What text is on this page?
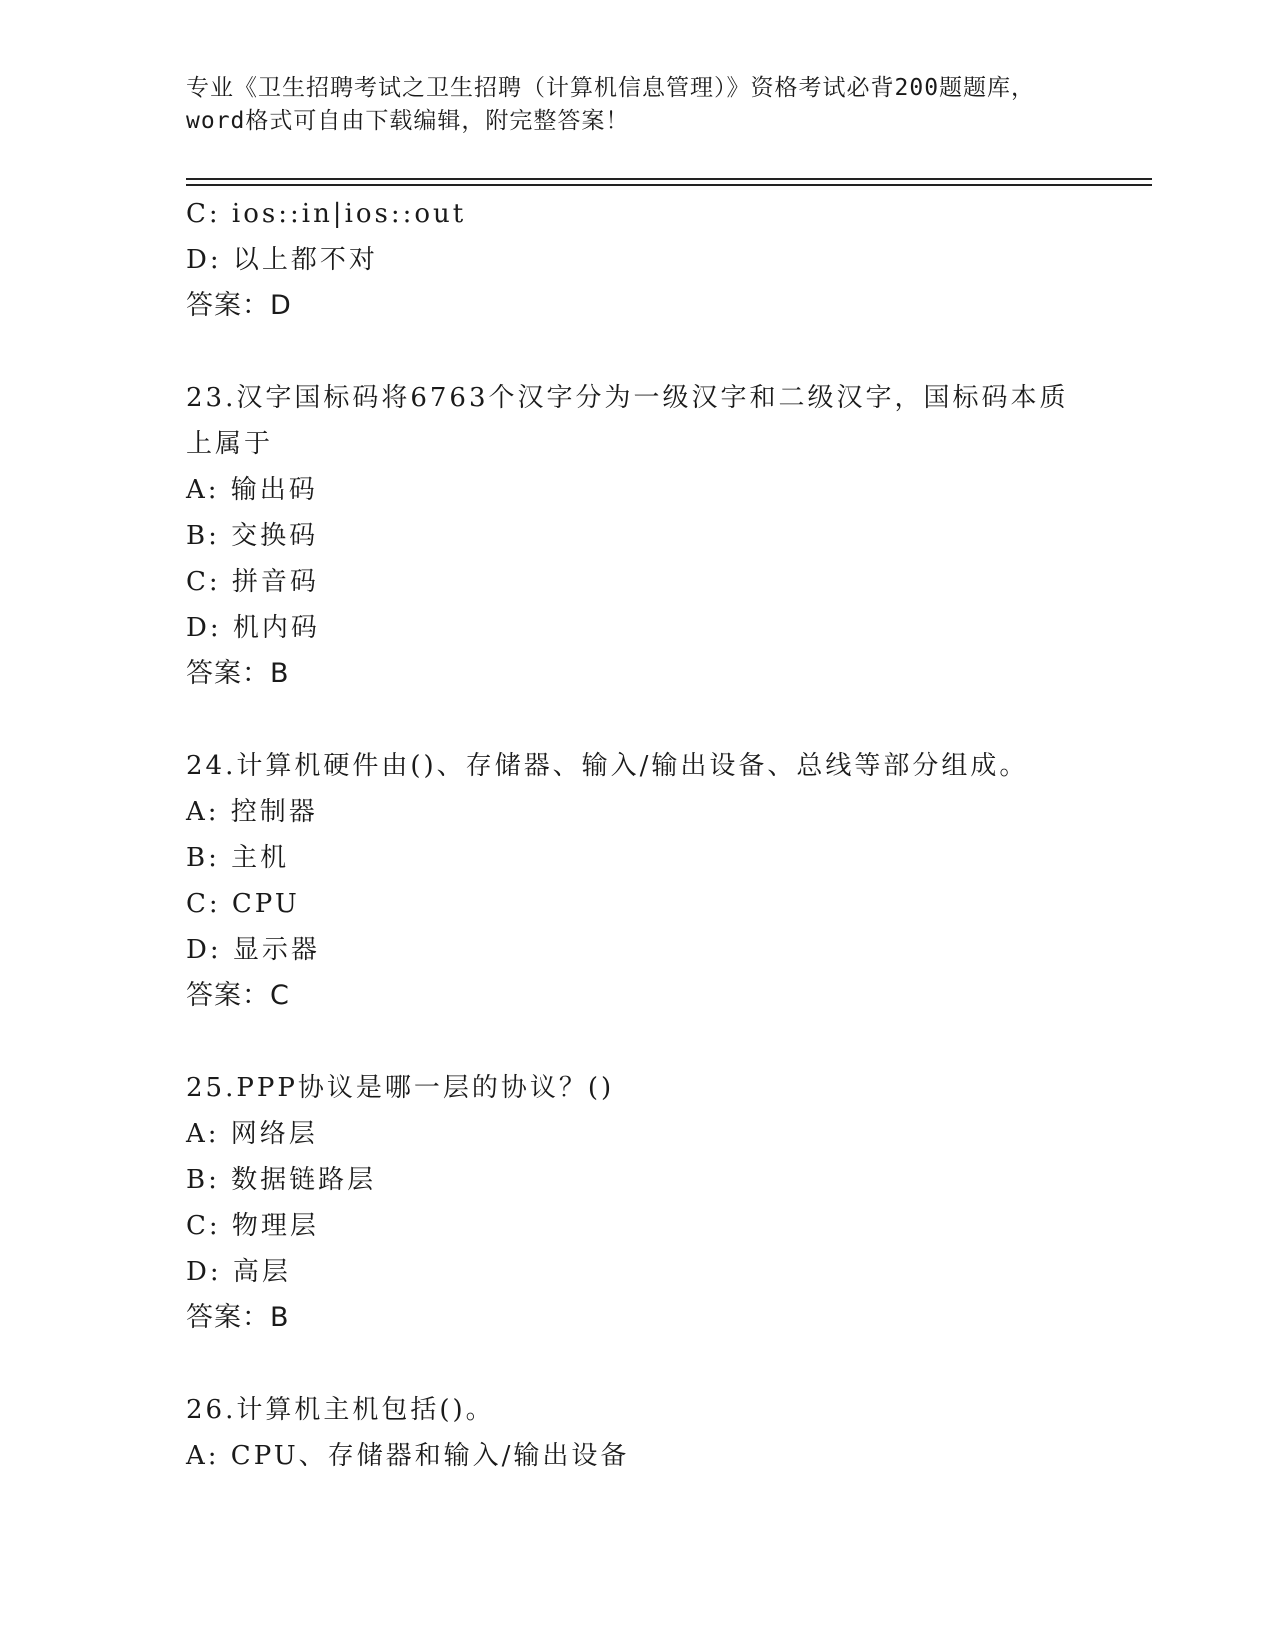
专业《卫生招聘考试之卫生招聘（计算机信息管理）》资格考试必背200题题库，
word格式可自由下载编辑，附完整答案！
C: ios::in|ios::out
D: 以上都不对
答案：D
23.汉字国标码将6763个汉字分为一级汉字和二级汉字，国标码本质
上属于
A: 输出码
B: 交换码
C: 拼音码
D: 机内码
答案：B
24.计算机硬件由()、存储器、输入/输出设备、总线等部分组成。
A: 控制器
B: 主机
C: CPU
D: 显示器
答案：C
25.PPP协议是哪一层的协议？()
A: 网络层
B: 数据链路层
C: 物理层
D: 高层
答案：B
26.计算机主机包括()。
A: CPU、存储器和输入/输出设备
